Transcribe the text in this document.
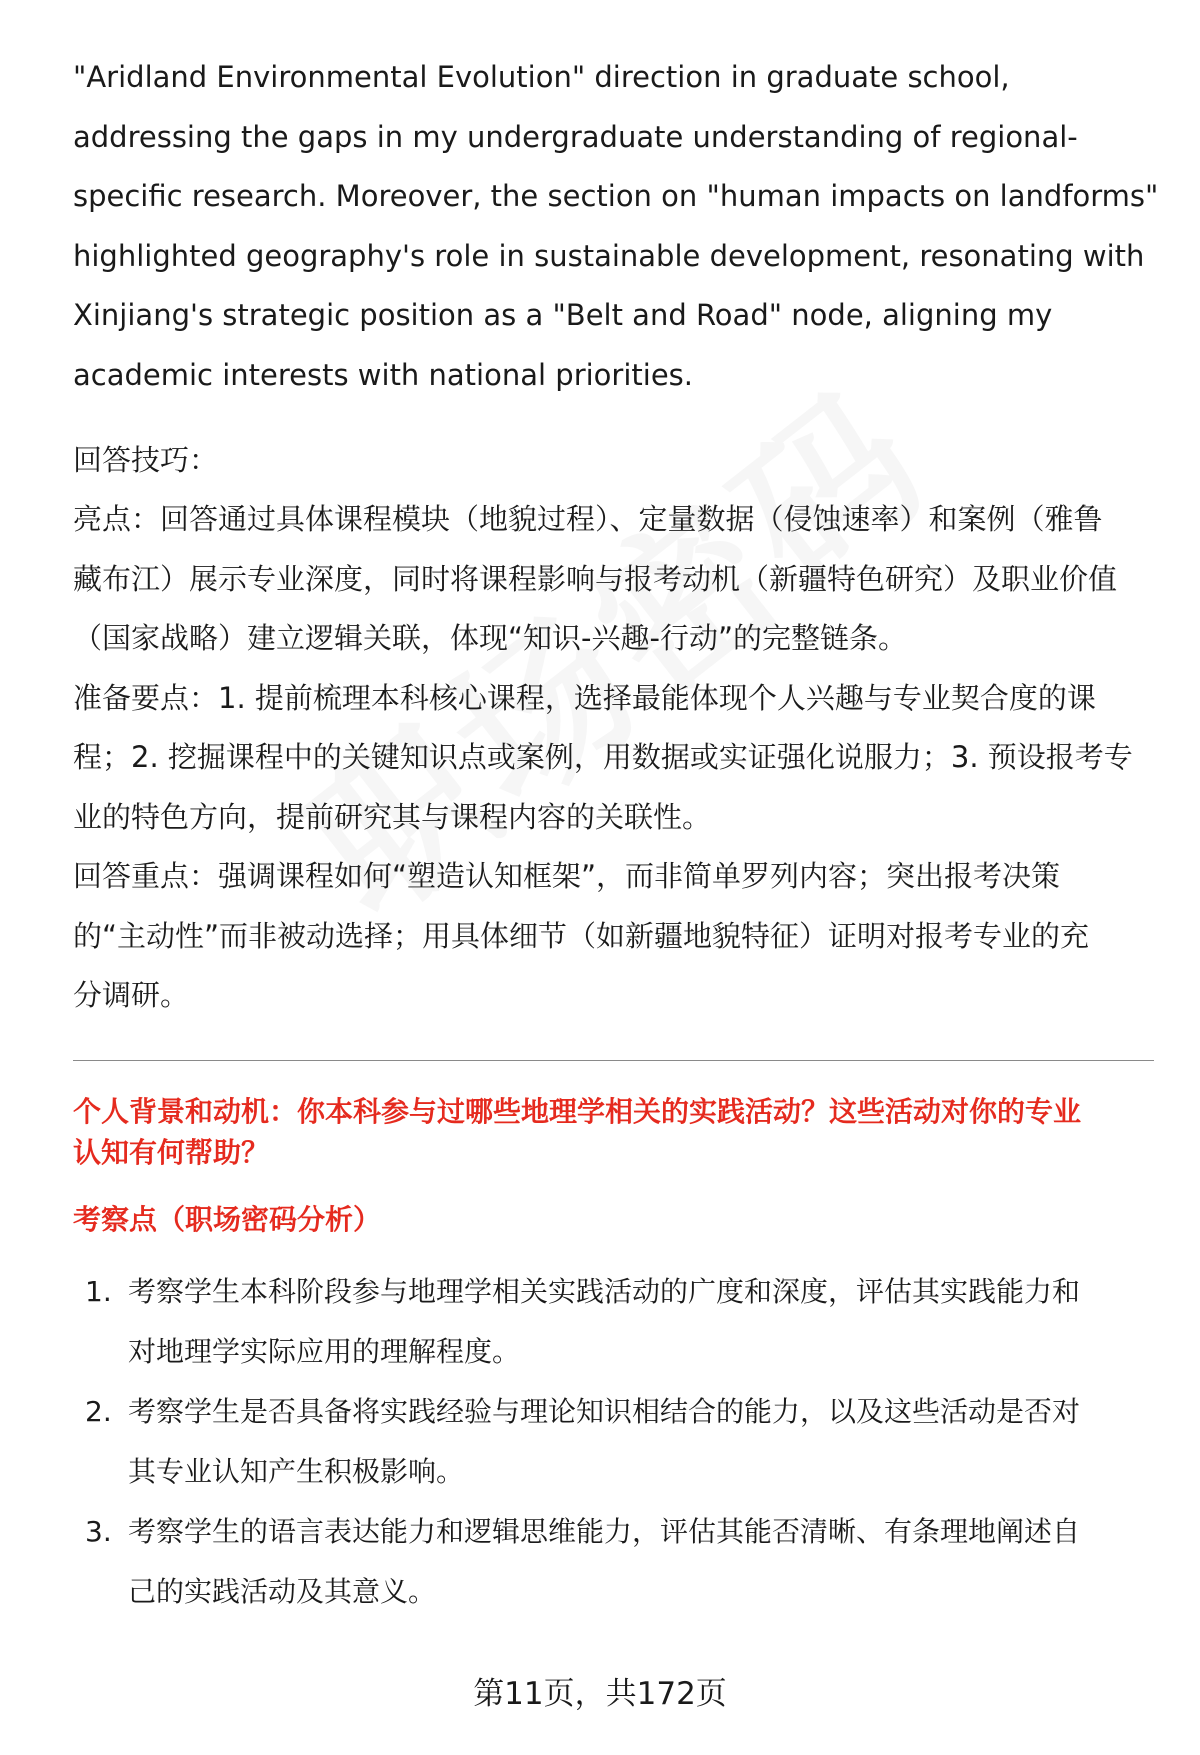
"Aridland Environmental Evolution" direction in graduate school,

addressing the gaps in my undergraduate understanding of regional-

specific research. Moreover, the section on "human impacts on landforms"

highlighted geography's role in sustainable development, resonating with

Xinjiang's strategic position as a "Belt and Road" node, aligning my

academic interests with national priorities.

回答技巧：

亮点：回答通过具体课程模块（地貌过程）、定量数据（侵蚀速率）和案例（雅鲁

藏布江）展示专业深度，同时将课程影响与报考动机（新疆特色研究）及职业价值

（国家战略）建立逻辑关联，体现“知识-兴趣-行动”的完整链条。

准备要点：1. 提前梳理本科核心课程，选择最能体现个人兴趣与专业契合度的课

程；2. 挖掘课程中的关键知识点或案例，用数据或实证强化说服力；3. 预设报考专

业的特色方向，提前研究其与课程内容的关联性。

回答重点：强调课程如何“塑造认知框架”，而非简单罗列内容；突出报考决策

的“主动性”而非被动选择；用具体细节（如新疆地貌特征）证明对报考专业的充

分调研。

个人背景和动机：你本科参与过哪些地理学相关的实践活动？这些活动对你的专业

认知有何帮助？

考察点（职场密码分析）
1. 考察学生本科阶段参与地理学相关实践活动的广度和深度，评估其实践能力和
对地理学实际应用的理解程度。
2. 考察学生是否具备将实践经验与理论知识相结合的能力，以及这些活动是否对
其专业认知产生积极影响。
3. 考察学生的语言表达能力和逻辑思维能力，评估其能否清晰、有条理地阐述自
己的实践活动及其意义。
第11页，共172页
